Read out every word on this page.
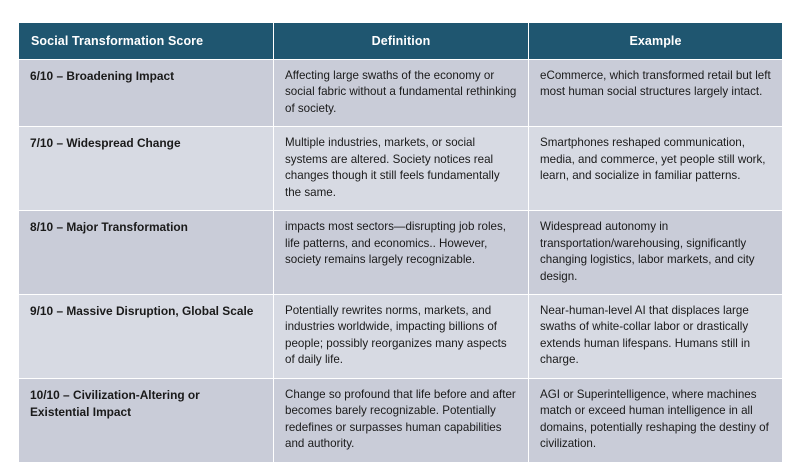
Social Transformation Score	Definition	Example
6/10 – Broadening Impact	Affecting large swaths of the economy or social fabric without a fundamental rethinking of society.	eCommerce, which transformed retail but left most human social structures largely intact.
7/10 – Widespread Change	Multiple industries, markets, or social systems are altered. Society notices real changes though it still feels fundamentally the same.	Smartphones reshaped communication, media, and commerce, yet people still work, learn, and socialize in familiar patterns.
8/10 – Major Transformation	impacts most sectors—disrupting job roles, life patterns, and economics.. However, society remains largely recognizable.	Widespread autonomy in transportation/warehousing, significantly changing logistics, labor markets, and city design.
9/10 – Massive Disruption, Global Scale	Potentially rewrites norms, markets, and industries worldwide, impacting billions of people; possibly reorganizes many aspects of daily life.	Near-human-level AI that displaces large swaths of white-collar labor or drastically extends human lifespans. Humans still in charge.
10/10 – Civilization-Altering or Existential Impact	Change so profound that life before and after becomes barely recognizable. Potentially redefines or surpasses human capabilities and authority.	AGI or Superintelligence, where machines match or exceed human intelligence in all domains, potentially reshaping the destiny of civilization.
